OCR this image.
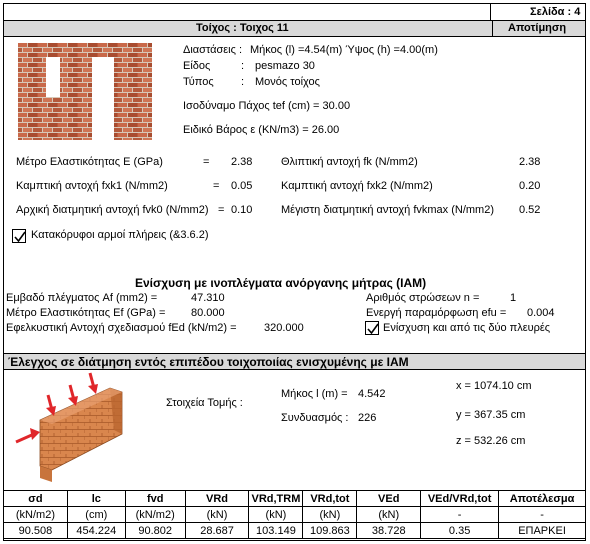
Σελίδα : 4
Τοίχος : Τοιχος 11	Αποτίμηση
Διαστάσεις : Μήκος (l) =4.54(m) Ύψος (h) =4.00(m)
Είδος	: pesmazo 30
Τύπος : Μονός τοίχος
Ισοδύναμο Πάχος tef (cm) = 30.00
Ειδικό Βάρος ε (KN/m3) = 26.00
Μέτρο Ελαστικότητας Ε (GPa)	= 2.38	Θλιπτική αντοχή fk (N/mm2)	2.38
Καμπτική αντοχή fxk1 (N/mm2)	= 0.05	Καμπτική αντοχή fxk2 (N/mm2)	0.20
Αρχική διατμητική αντοχή fvk0 (N/mm2) = 0.10	Μέγιστη διατμητική αντοχή fvkmax (N/mm2) 0.52
Κατακόρυφοι αρμοί πλήρεις (&3.6.2)
Ενίσχυση με ινοπλέγματα ανόργανης μήτρας (ΙΑΜ)
Εμβαδό πλέγματος Af (mm2) =	47.310
Μέτρο Ελαστικότητας Ef (GPa) = 80.000
Εφελκυστική Αντοχή σχεδιασμού fEd (kN/m2) =	320.000
Αριθμός στρώσεων n =	1
Ενεργή παραμόρφωση efu = 0.004
Ενίσχυση και από τις δύο πλευρές
Έλεγχος σε διάτμηση εντός επιπέδου τοιχοποιίας ενισχυμένης με ΙΑΜ
Στοιχεία Τομής :
Μήκος l (m) = 4.542
Συνδυασμός : 226
x = 1074.10 cm
y = 367.35 cm
z = 532.26 cm
σd	lc	fvd	VRd	VRd,TRM	VRd,tot	VEd	VEd/VRd,tot	Αποτέλεσμα
(kN/m2)	(cm)	(kN/m2)	(kN)	(kN)	(kN)	(kN)	-	-
90.508	454.224	90.802	28.687	103.149	109.863	38.728	0.35	ΕΠΑΡΚΕΙ
